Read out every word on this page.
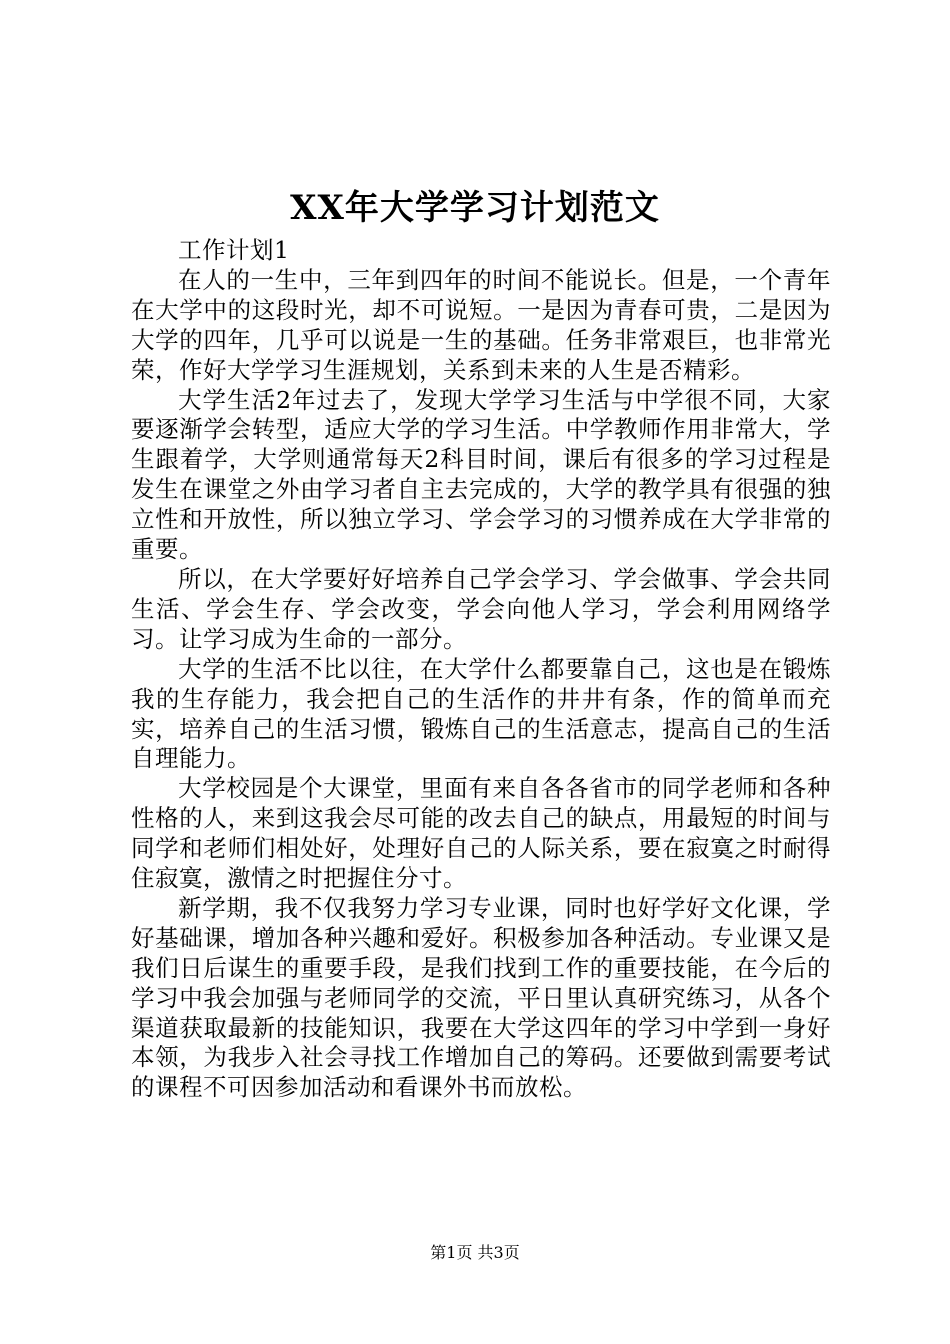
XX年大学学习计划范文

工作计划1

在人的一生中，三年到四年的时间不能说长。但是，一个青年在大学中的这段时光，却不可说短。一是因为青春可贵，二是因为大学的四年，几乎可以说是一生的基础。任务非常艰巨，也非常光荣，作好大学学习生涯规划，关系到未来的人生是否精彩。

大学生活2年过去了，发现大学学习生活与中学很不同，大家要逐渐学会转型，适应大学的学习生活。中学教师作用非常大，学生跟着学，大学则通常每天2科目时间，课后有很多的学习过程是发生在课堂之外由学习者自主去完成的，大学的教学具有很强的独立性和开放性，所以独立学习、学会学习的习惯养成在大学非常的重要。

所以，在大学要好好培养自己学会学习、学会做事、学会共同生活、学会生存、学会改变，学会向他人学习，学会利用网络学习。让学习成为生命的一部分。

大学的生活不比以往，在大学什么都要靠自己，这也是在锻炼我的生存能力，我会把自己的生活作的井井有条，作的简单而充实，培养自己的生活习惯，锻炼自己的生活意志，提高自己的生活自理能力。

大学校园是个大课堂，里面有来自各各省市的同学老师和各种性格的人，来到这我会尽可能的改去自己的缺点，用最短的时间与同学和老师们相处好，处理好自己的人际关系，要在寂寞之时耐得住寂寞，激情之时把握住分寸。

新学期，我不仅我努力学习专业课，同时也好学好文化课，学好基础课，增加各种兴趣和爱好。积极参加各种活动。专业课又是我们日后谋生的重要手段，是我们找到工作的重要技能，在今后的学习中我会加强与老师同学的交流，平日里认真研究练习，从各个渠道获取最新的技能知识，我要在大学这四年的学习中学到一身好本领，为我步入社会寻找工作增加自己的筹码。还要做到需要考试的课程不可因参加活动和看课外书而放松。

第1页 共3页
